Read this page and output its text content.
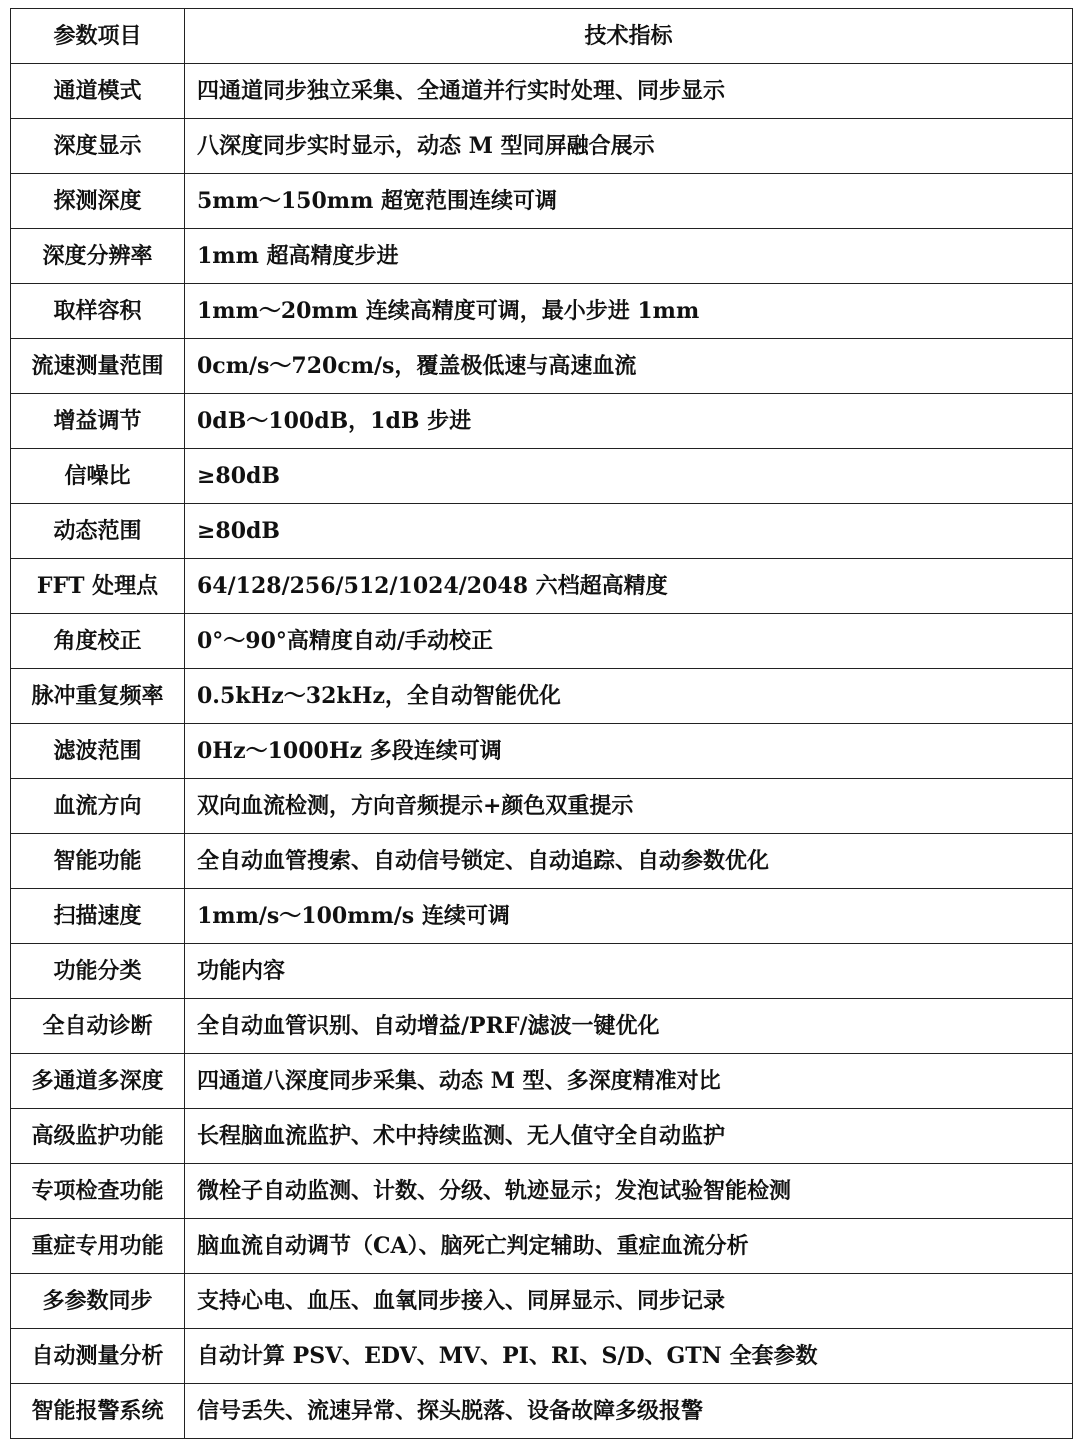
参数项目	技术指标
通道模式	四通道同步独立采集、全通道并行实时处理、同步显示
深度显示	八深度同步实时显示，动态 M 型同屏融合展示
探测深度	5mm～150mm 超宽范围连续可调
深度分辨率	1mm 超高精度步进
取样容积	1mm～20mm 连续高精度可调，最小步进 1mm
流速测量范围	0cm/s～720cm/s，覆盖极低速与高速血流
增益调节	0dB～100dB，1dB 步进
信噪比	≥80dB
动态范围	≥80dB
FFT 处理点	64/128/256/512/1024/2048 六档超高精度
角度校正	0°～90°高精度自动/手动校正
脉冲重复频率	0.5kHz～32kHz，全自动智能优化
滤波范围	0Hz～1000Hz 多段连续可调
血流方向	双向血流检测，方向音频提示+颜色双重提示
智能功能	全自动血管搜索、自动信号锁定、自动追踪、自动参数优化
扫描速度	1mm/s～100mm/s 连续可调
功能分类	功能内容
全自动诊断	全自动血管识别、自动增益/PRF/滤波一键优化
多通道多深度	四通道八深度同步采集、动态 M 型、多深度精准对比
高级监护功能	长程脑血流监护、术中持续监测、无人值守全自动监护
专项检查功能	微栓子自动监测、计数、分级、轨迹显示；发泡试验智能检测
重症专用功能	脑血流自动调节（CA）、脑死亡判定辅助、重症血流分析
多参数同步	支持心电、血压、血氧同步接入、同屏显示、同步记录
自动测量分析	自动计算 PSV、EDV、MV、PI、RI、S/D、GTN 全套参数
智能报警系统	信号丢失、流速异常、探头脱落、设备故障多级报警
